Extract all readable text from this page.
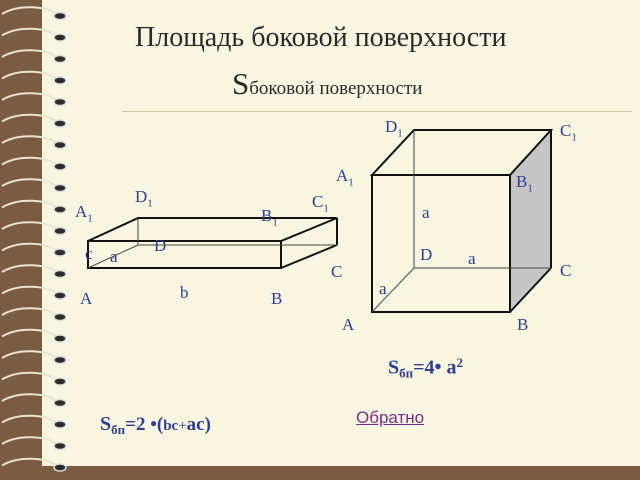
Площадь боковой поверхности
Sбоковой поверхности
$A_1$
$D_1$
$B_1$
$C_1$
c a
D
A	b	B
C
$D_1$	$C_1$
$A_1$	$B_1$
a
D a
a
A	B
C
$S_{бп}=4•$ $a^2$
$S_{бп}=2$ •(bc+ac)	Обратно
